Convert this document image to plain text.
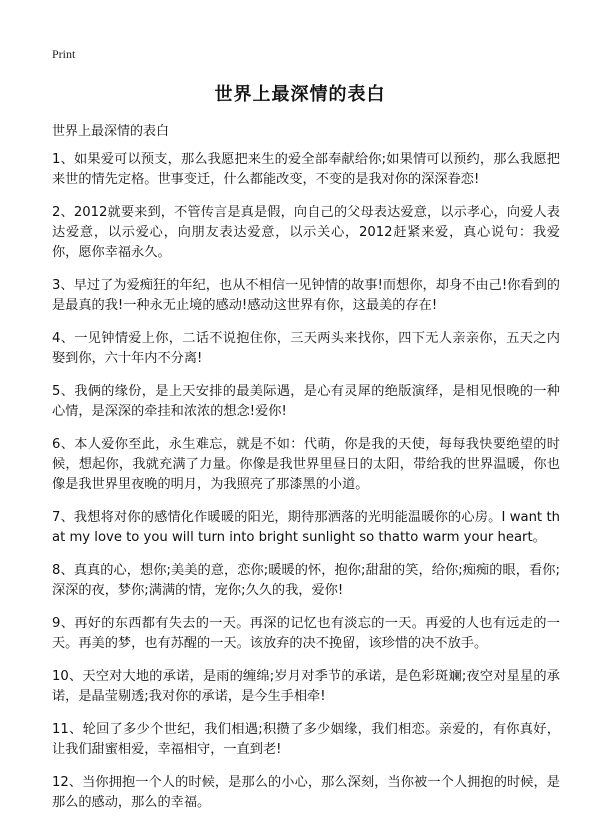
Print
世界上最深情的表白
世界上最深情的表白

1、如果爱可以预支，那么我愿把来生的爱全部奉献给你;如果情可以预约，那么我愿把来世的情先定格。世事变迁，什么都能改变，不变的是我对你的深深眷恋!

2、2012就要来到，不管传言是真是假，向自己的父母表达爱意，以示孝心，向爱人表达爱意，以示爱心，向朋友表达爱意，以示关心，2012赶紧来爱，真心说句：我爱你，愿你幸福永久。

3、早过了为爱痴狂的年纪，也从不相信一见钟情的故事!而想你，却身不由己!你看到的是最真的我!一种永无止境的感动!感动这世界有你，这最美的存在!

4、一见钟情爱上你，二话不说抱住你，三天两头来找你，四下无人亲亲你，五天之内娶到你，六十年内不分离!

5、我俩的缘份，是上天安排的最美际遇，是心有灵犀的绝版演绎，是相见恨晚的一种心情，是深深的牵挂和浓浓的想念!爱你!

6、本人爱你至此，永生难忘，就是不如：代萌，你是我的天使，每每我快要绝望的时候，想起你，我就充满了力量。你像是我世界里昼日的太阳，带给我的世界温暖，你也像是我世界里夜晚的明月，为我照亮了那漆黑的小道。

7、我想将对你的感情化作暖暖的阳光，期待那洒落的光明能温暖你的心房。I want that my love to you will turn into bright sunlight so thatto warm your heart。

8、真真的心，想你;美美的意，恋你;暖暖的怀，抱你;甜甜的笑，给你;痴痴的眼，看你;深深的夜，梦你;满满的情，宠你;久久的我，爱你!

9、再好的东西都有失去的一天。再深的记忆也有淡忘的一天。再爱的人也有远走的一天。再美的梦，也有苏醒的一天。该放弃的决不挽留，该珍惜的决不放手。

10、天空对大地的承诺，是雨的缠绵;岁月对季节的承诺，是色彩斑斓;夜空对星星的承诺，是晶莹剔透;我对你的承诺，是今生手相牵!

11、轮回了多少个世纪，我们相遇;积攒了多少姻缘，我们相恋。亲爱的，有你真好，让我们甜蜜相爱，幸福相守，一直到老!

12、当你拥抱一个人的时候，是那么的小心，那么深刻，当你被一个人拥抱的时候，是那么的感动，那么的幸福。
